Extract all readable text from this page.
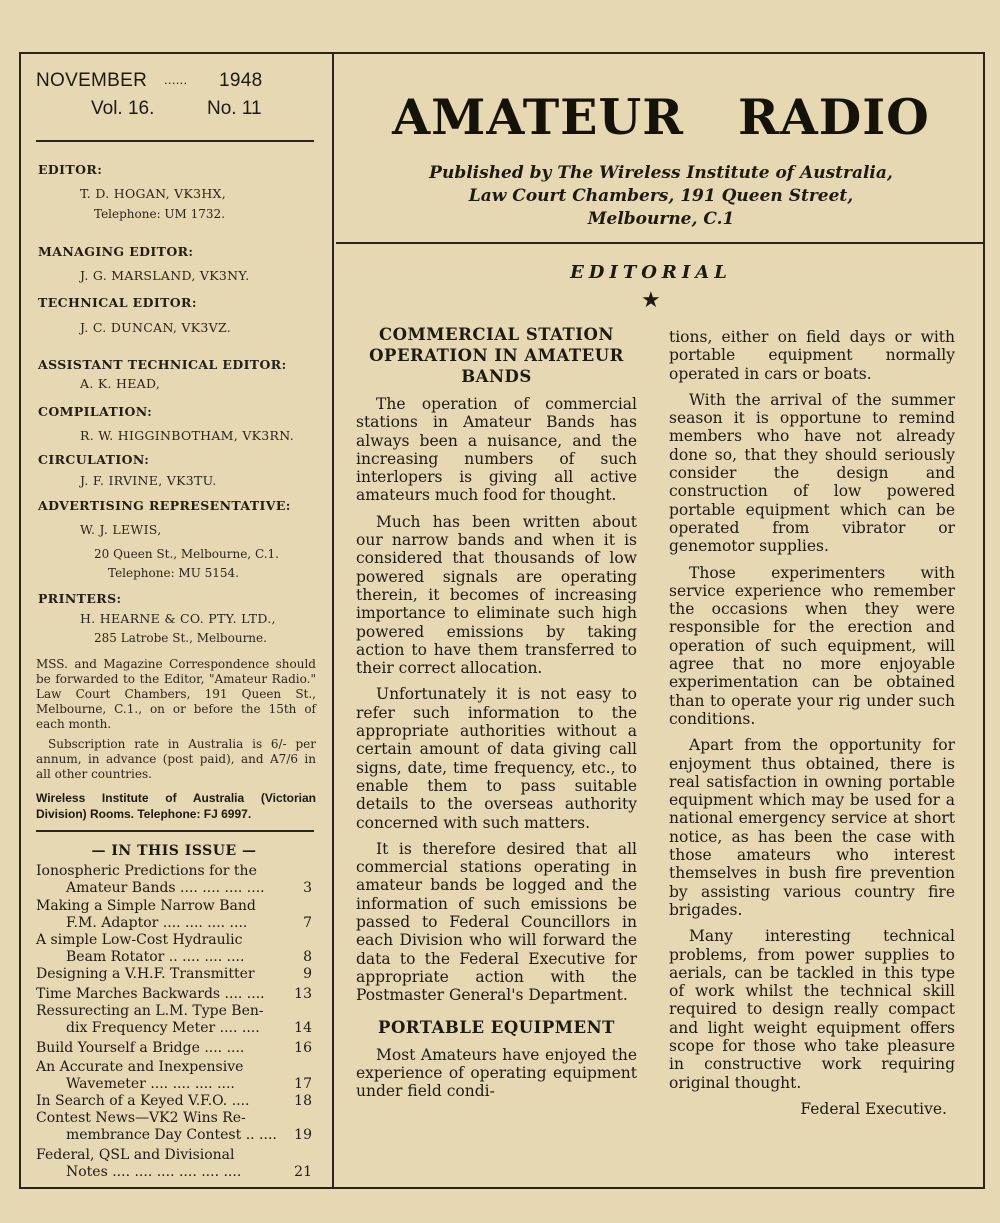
NOVEMBER	......	1948
Vol. 16.	No. 11
EDITOR:
T. D. HOGAN, VK3HX,
Telephone: UM 1732.
MANAGING EDITOR:
J. G. MARSLAND, VK3NY.
TECHNICAL EDITOR:
J. C. DUNCAN, VK3VZ.
ASSISTANT TECHNICAL EDITOR:
A. K. HEAD,
COMPILATION:
R. W. HIGGINBOTHAM, VK3RN.
CIRCULATION:
J. F. IRVINE, VK3TU.
ADVERTISING REPRESENTATIVE:
W. J. LEWIS,
20 Queen St., Melbourne, C.1.
Telephone: MU 5154.
PRINTERS:
H. HEARNE & CO. PTY. LTD.,
285 Latrobe St., Melbourne.
MSS. and Magazine Correspondence should be forwarded to the Editor, "Amateur Radio." Law Court Chambers, 191 Queen St., Melbourne, C.1., on or before the 15th of each month.
Subscription rate in Australia is 6/- per annum, in advance (post paid), and A7/6 in all other countries.
Wireless Institute of Australia (Victorian Division) Rooms. Telephone: FJ 6997.
— IN THIS ISSUE —
Ionospheric Predictions for the
Amateur Bands .... .... .... ....	3
Making a Simple Narrow Band
F.M. Adaptor .... .... .... ....	7
A simple Low-Cost Hydraulic
Beam Rotator .. .... .... ....	8
Designing a V.H.F. Transmitter	9
Time Marches Backwards .... ....	13
Ressurecting an L.M. Type Ben-
dix Frequency Meter .... ....	14
Build Yourself a Bridge .... ....	16
An Accurate and Inexpensive
Wavemeter .... .... .... ....	17
In Search of a Keyed V.F.O. ....	18
Contest News—VK2 Wins Re-
membrance Day Contest .. ....	19
Federal, QSL and Divisional
Notes .... .... .... .... .... ....	21
AMATEUR RADIO
Published by The Wireless Institute of Australia,
Law Court Chambers, 191 Queen Street,
Melbourne, C.1
EDITORIAL
★
COMMERCIAL STATION OPERATION IN AMATEUR BANDS

The operation of commercial stations in Amateur Bands has always been a nuisance, and the increasing numbers of such interlopers is giving all active amateurs much food for thought.

Much has been written about our narrow bands and when it is considered that thousands of low powered signals are operating therein, it becomes of increasing importance to eliminate such high powered emissions by taking action to have them transferred to their correct allocation.

Unfortunately it is not easy to refer such information to the appropriate authorities without a certain amount of data giving call signs, date, time frequency, etc., to enable them to pass suitable details to the overseas authority concerned with such matters.

It is therefore desired that all commercial stations operating in amateur bands be logged and the information of such emissions be passed to Federal Councillors in each Division who will forward the data to the Federal Executive for appropriate action with the Postmaster General's Department.

PORTABLE EQUIPMENT

Most Amateurs have enjoyed the experience of operating equipment under field condi-

tions, either on field days or with portable equipment normally operated in cars or boats.

With the arrival of the summer season it is opportune to remind members who have not already done so, that they should seriously consider the design and construction of low powered portable equipment which can be operated from vibrator or genemotor supplies.

Those experimenters with service experience who remember the occasions when they were responsible for the erection and operation of such equipment, will agree that no more enjoyable experimentation can be obtained than to operate your rig under such conditions.

Apart from the opportunity for enjoyment thus obtained, there is real satisfaction in owning portable equipment which may be used for a national emergency service at short notice, as has been the case with those amateurs who interest themselves in bush fire prevention by assisting various country fire brigades.

Many interesting technical problems, from power supplies to aerials, can be tackled in this type of work whilst the technical skill required to design really compact and light weight equipment offers scope for those who take pleasure in constructive work requiring original thought.

Federal Executive.
